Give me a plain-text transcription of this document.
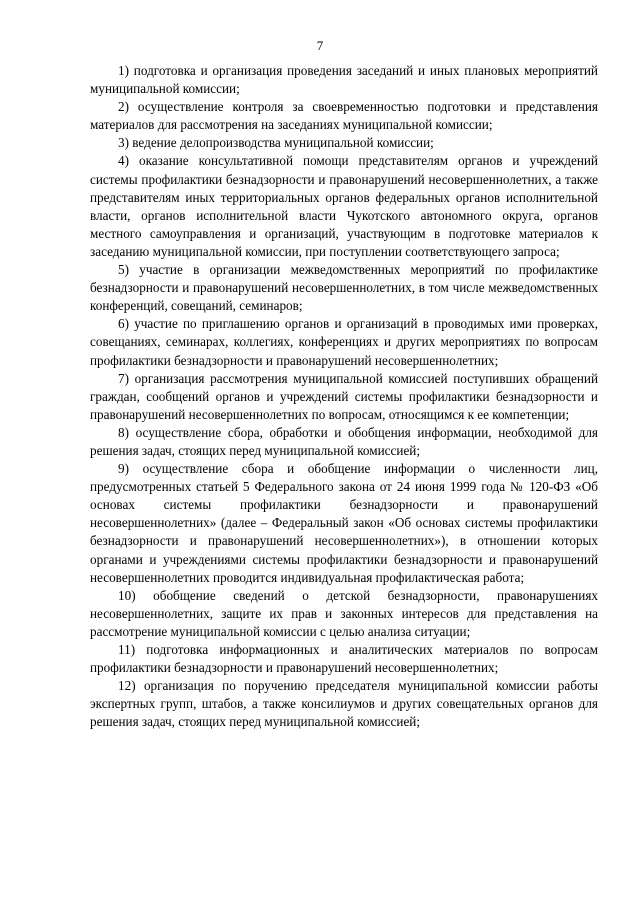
7

1) подготовка и организация проведения заседаний и иных плановых мероприятий муниципальной комиссии;

2) осуществление контроля за своевременностью подготовки и представления материалов для рассмотрения на заседаниях муниципальной комиссии;

3) ведение делопроизводства муниципальной комиссии;

4) оказание консультативной помощи представителям органов и учреждений системы профилактики безнадзорности и правонарушений несовершеннолетних, а также представителям иных территориальных органов федеральных органов исполнительной власти, органов исполнительной власти Чукотского автономного округа, органов местного самоуправления и организаций, участвующим в подготовке материалов к заседанию муниципальной комиссии, при поступлении соответствующего запроса;

5) участие в организации межведомственных мероприятий по профилактике безнадзорности и правонарушений несовершеннолетних, в том числе межведомственных конференций, совещаний, семинаров;

6) участие по приглашению органов и организаций в проводимых ими проверках, совещаниях, семинарах, коллегиях, конференциях и других мероприятиях по вопросам профилактики безнадзорности и правонарушений несовершеннолетних;

7) организация рассмотрения муниципальной комиссией поступивших обращений граждан, сообщений органов и учреждений системы профилактики безнадзорности и правонарушений несовершеннолетних по вопросам, относящимся к ее компетенции;

8) осуществление сбора, обработки и обобщения информации, необходимой для решения задач, стоящих перед муниципальной комиссией;

9) осуществление сбора и обобщение информации о численности лиц, предусмотренных статьей 5 Федерального закона от 24 июня 1999 года № 120-ФЗ «Об основах системы профилактики безнадзорности и правонарушений несовершеннолетних» (далее – Федеральный закон «Об основах системы профилактики безнадзорности и правонарушений несовершеннолетних»), в отношении которых органами и учреждениями системы профилактики безнадзорности и правонарушений несовершеннолетних проводится индивидуальная профилактическая работа;

10) обобщение сведений о детской безнадзорности, правонарушениях несовершеннолетних, защите их прав и законных интересов для представления на рассмотрение муниципальной комиссии с целью анализа ситуации;

11) подготовка информационных и аналитических материалов по вопросам профилактики безнадзорности и правонарушений несовершеннолетних;

12) организация по поручению председателя муниципальной комиссии работы экспертных групп, штабов, а также консилиумов и других совещательных органов для решения задач, стоящих перед муниципальной комиссией;
